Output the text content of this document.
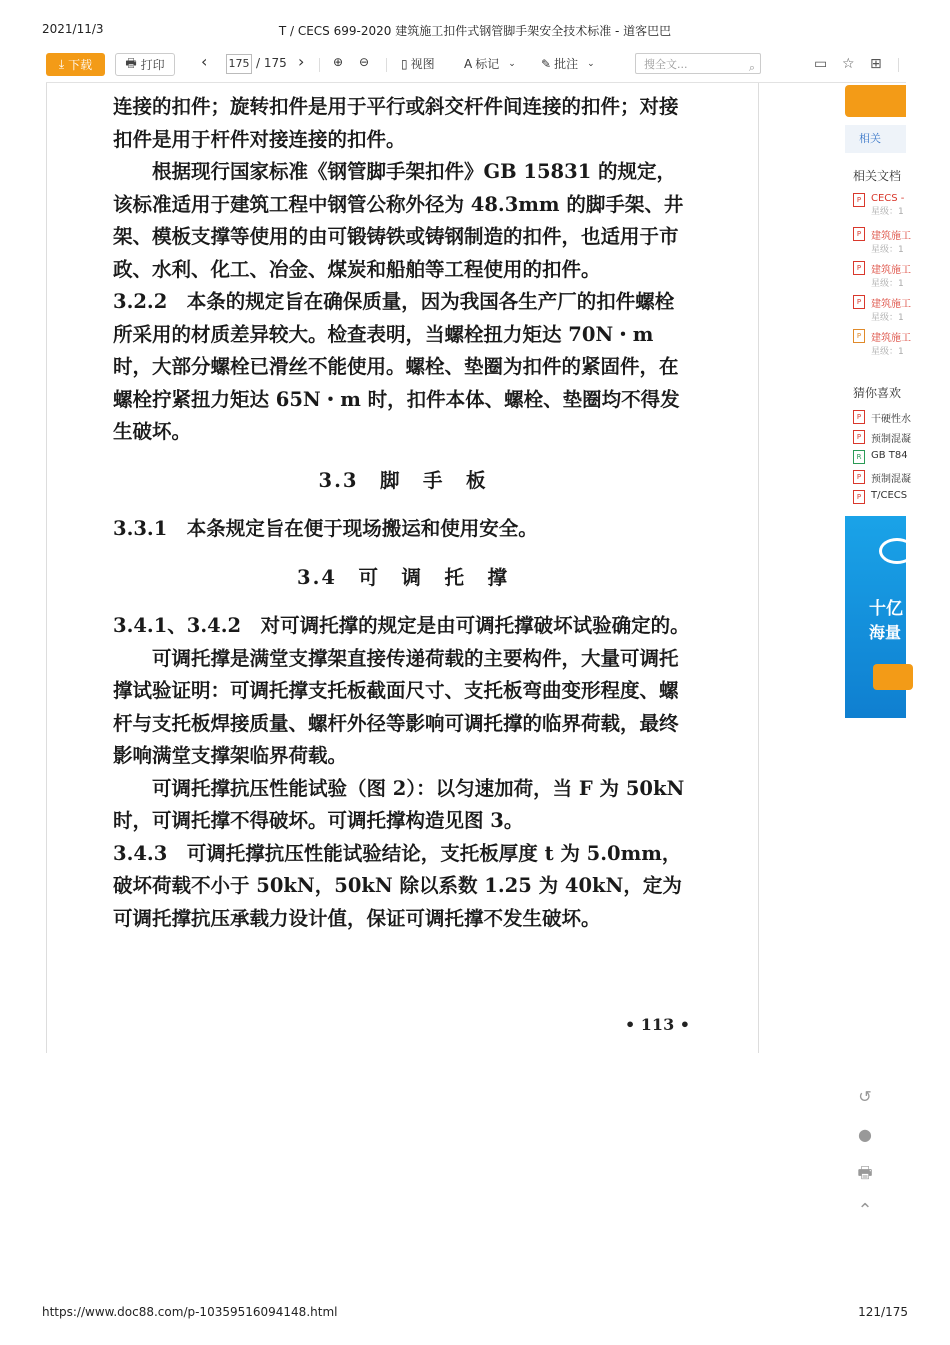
2021/11/3	T / CECS 699-2020 建筑施工扣件式钢管脚手架安全技术标准 - 道客巴巴
⤓ 下载	🖶 打印 ‹ 175 / 175 › ⊕ ⊖	▯ 视图 A 标记 ⌄ ✎ 批注 ⌄	搜全文...	⌕	▭ ☆ ⊞

连接的扣件；旋转扣件是用于平行或斜交杆件间连接的扣件；对接扣件是用于杆件对接连接的扣件。

根据现行国家标准《钢管脚手架扣件》GB 15831 的规定，该标准适用于建筑工程中钢管公称外径为 48.3mm 的脚手架、井架、模板支撑等使用的由可锻铸铁或铸钢制造的扣件，也适用于市政、水利、化工、冶金、煤炭和船舶等工程使用的扣件。

3.2.2　本条的规定旨在确保质量，因为我国各生产厂的扣件螺栓所采用的材质差异较大。检查表明，当螺栓扭力矩达 70N・m 时，大部分螺栓已滑丝不能使用。螺栓、垫圈为扣件的紧固件，在螺栓拧紧扭力矩达 65N・m 时，扣件本体、螺栓、垫圈均不得发生破坏。

3.3　脚　手　板

3.3.1　本条规定旨在便于现场搬运和使用安全。

3.4　可　调　托　撑

3.4.1、3.4.2　对可调托撑的规定是由可调托撑破坏试验确定的。

可调托撑是满堂支撑架直接传递荷载的主要构件，大量可调托撑试验证明：可调托撑支托板截面尺寸、支托板弯曲变形程度、螺杆与支托板焊接质量、螺杆外径等影响可调托撑的临界荷载，最终影响满堂支撑架临界荷载。

可调托撑抗压性能试验（图 2）：以匀速加荷，当 F 为 50kN 时，可调托撑不得破坏。可调托撑构造见图 3。

3.4.3　可调托撑抗压性能试验结论，支托板厚度 t 为 5.0mm，破坏荷载不小于 50kN，50kN 除以系数 1.25 为 40kN，定为可调托撑抗压承载力设计值，保证可调托撑不发生破坏。

• 113 •
相关
相关文档
P CECS -
星级：1
P 建筑施工
星级：1
P 建筑施工
星级：1
P 建筑施工
星级：1
P 建筑施工
星级：1
猜你喜欢
P 干硬性水
P 预制混凝
R GB T84
P 预制混凝
P T/CECS
十亿
海量
↺
●
🖶
⌃
https://www.doc88.com/p-10359516094148.html	121/175
